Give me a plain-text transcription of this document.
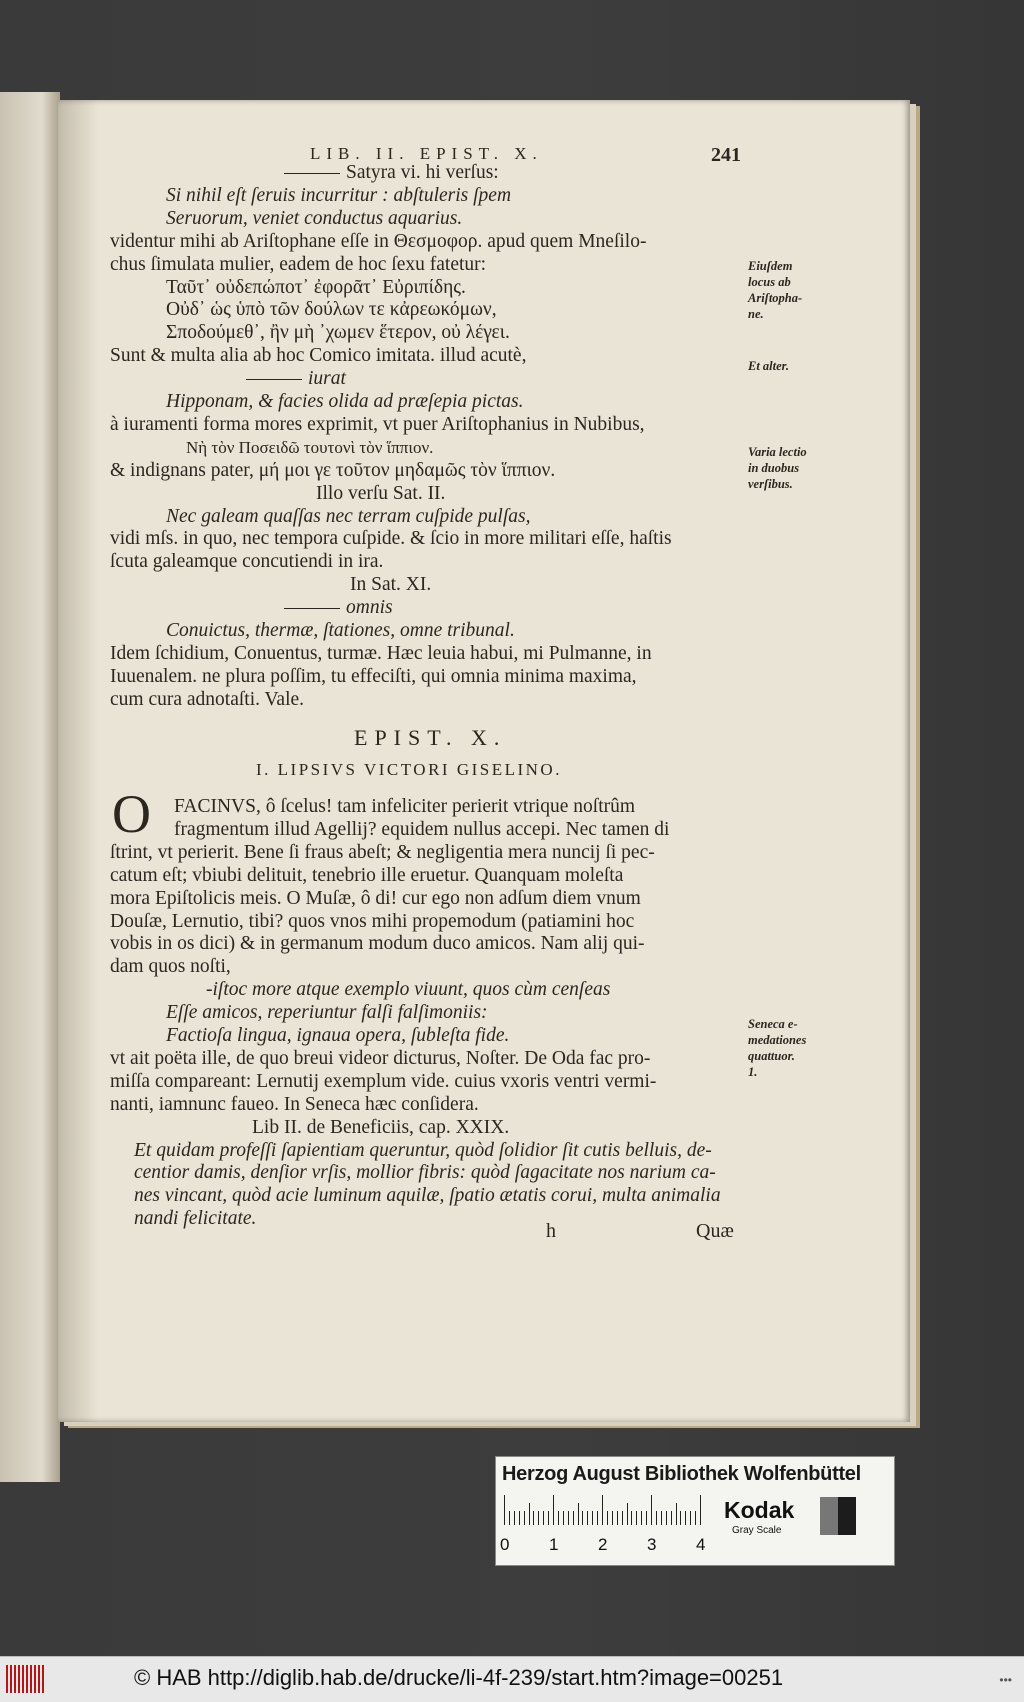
LIB. II. EPIST. X.	241
Satyra vi. hi verſus:
Si nihil eſt ſeruis incurritur : abſtuleris ſpem
Seruorum, veniet conductus aquarius.
videntur mihi ab Ariſtophane eſſe in Θεσμοφορ. apud quem Mneſilo-
chus ſimulata mulier, eadem de hoc ſexu fatetur:
Ταῦτ᾽ οὐδεπώποτ᾽ ἐφορᾶτ᾽ Εὐριπίδης.
Οὐδ᾽ ὡς ὑπὸ τῶν δούλων τε κἀρεωκόμων,
Σποδούμεθ᾽, ἢν μὴ ᾽χωμεν ἕτερον, οὐ λέγει.
Sunt & multa alia ab hoc Comico imitata. illud acutè,
iurat
Hipponam, & facies olida ad præſepia pictas.
à iuramenti forma mores exprimit, vt puer Ariſtophanius in Nubibus,
Νὴ τὸν Ποσειδῶ τουτονὶ τὸν ἵππιον.
& indignans pater, μή μοι γε τοῦτον μηδαμῶς τὸν ἵππιον.
Illo verſu Sat. II.
Nec galeam quaſſas nec terram cuſpide pulſas,
vidi mſs. in quo, nec tempora cuſpide. & ſcio in more militari eſſe, haſtis
ſcuta galeamque concutiendi in ira.
In Sat. XI.
omnis
Conuictus, thermæ, ſtationes, omne tribunal.
Idem ſchidium, Conuentus, turmæ. Hæc leuia habui, mi Pulmanne, in
Iuuenalem. ne plura poſſim, tu effeciſti, qui omnia minima maxima,
cum cura adnotaſti. Vale.
EPIST. X.
I. LIPSIVS VICTORI GISELINO.
O FACINVS, ô ſcelus! tam infeliciter perierit vtrique noſtrûm
fragmentum illud Agellij? equidem nullus accepi. Nec tamen di
ſtrint, vt perierit. Bene ſi fraus abeſt; & negligentia mera nuncij ſi pec-
catum eſt; vbiubi delituit, tenebrio ille eruetur. Quanquam moleſta
mora Epiſtolicis meis. O Muſæ, ô di! cur ego non adſum diem vnum
Douſæ, Lernutio, tibi? quos vnos mihi propemodum (patiamini hoc
vobis in os dici) & in germanum modum duco amicos. Nam alij qui-
dam quos noſti,
-iſtoc more atque exemplo viuunt, quos cùm cenſeas
Eſſe amicos, reperiuntur falſi falſimoniis:
Factioſa lingua, ignaua opera, ſubleſta fide.
vt ait poëta ille, de quo breui videor dicturus, Noſter. De Oda fac pro-
miſſa compareant: Lernutij exemplum vide. cuius vxoris ventri vermi-
nanti, iamnunc faueo. In Seneca hæc conſidera.
Lib II. de Beneficiis, cap. XXIX.
Et quidam profeſſi ſapientiam queruntur, quòd ſolidior ſit cutis belluis, de-
centior damis, denſior vrſis, mollior fibris: quòd ſagacitate nos narium ca-
nes vincant, quòd acie luminum aquilæ, ſpatio ætatis corui, multa animalia
nandi felicitate.
h	Quæ
Eiuſdem
locus ab
Ariſtopha-
ne.
Et alter.
Varia lectio
in duobus
verſibus.
Seneca e-
medationes
quattuor.
1.
Herzog August Bibliothek Wolfenbüttel
0 1 2 3 4
Kodak
Gray Scale
© HAB http://diglib.hab.de/drucke/li-4f-239/start.htm?image=00251	•••
